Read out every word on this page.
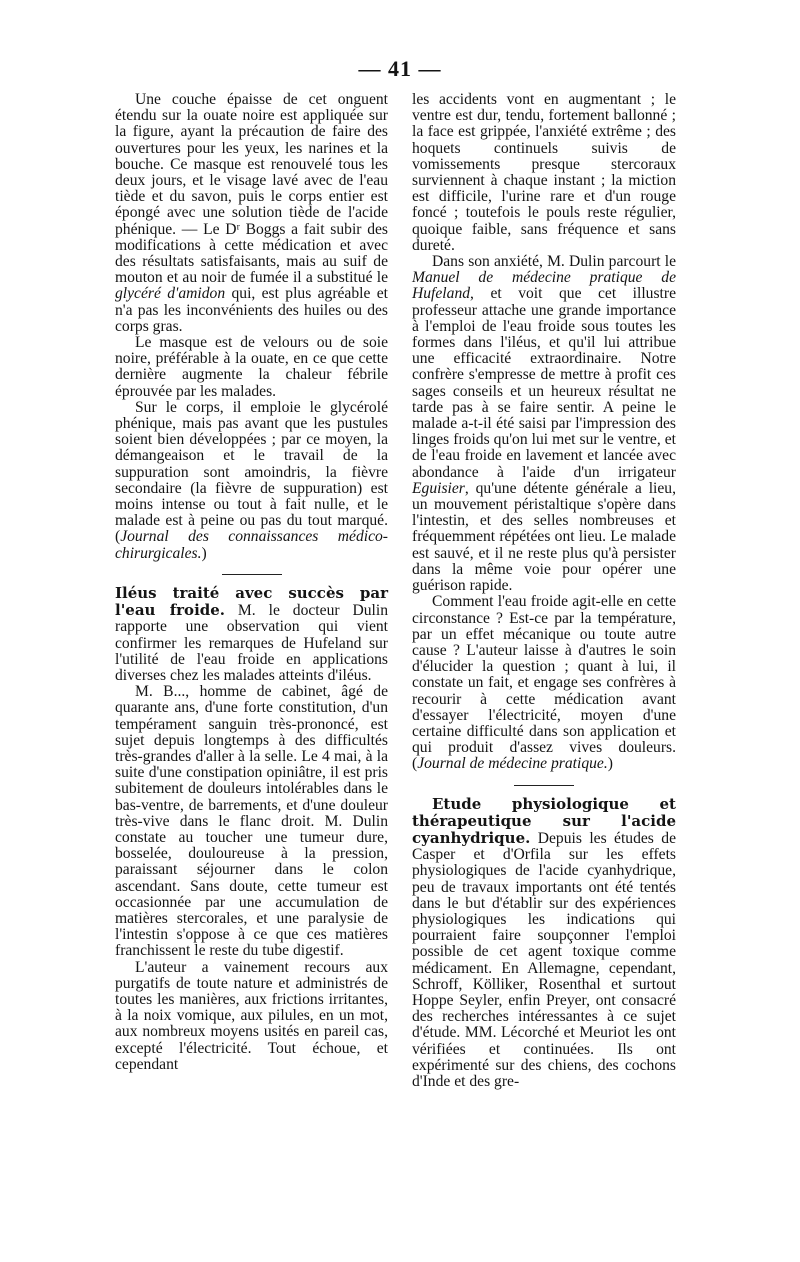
— 41 —

Une couche épaisse de cet onguent étendu sur la ouate noire est appliquée sur la figure, ayant la précaution de faire des ouvertures pour les yeux, les narines et la bouche. Ce masque est renouvelé tous les deux jours, et le visage lavé avec de l'eau tiède et du savon, puis le corps entier est épongé avec une solution tiède de l'acide phénique. — Le Dʳ Boggs a fait subir des modifications à cette médication et avec des résultats satisfaisants, mais au suif de mouton et au noir de fumée il a substitué le glycéré d'amidon qui, est plus agréable et n'a pas les inconvénients des huiles ou des corps gras.

Le masque est de velours ou de soie noire, préférable à la ouate, en ce que cette dernière augmente la chaleur fébrile éprouvée par les malades.

Sur le corps, il emploie le glycérolé phénique, mais pas avant que les pustules soient bien développées ; par ce moyen, la démangeaison et le travail de la suppuration sont amoindris, la fièvre secondaire (la fièvre de suppuration) est moins intense ou tout à fait nulle, et le malade est à peine ou pas du tout marqué. (Journal des connaissances médico-chirurgicales.)

Iléus traité avec succès par l'eau froide. M. le docteur Dulin rapporte une observation qui vient confirmer les remarques de Hufeland sur l'utilité de l'eau froide en applications diverses chez les malades atteints d'iléus.

M. B..., homme de cabinet, âgé de quarante ans, d'une forte constitution, d'un tempérament sanguin très-prononcé, est sujet depuis longtemps à des difficultés très-grandes d'aller à la selle. Le 4 mai, à la suite d'une constipation opiniâtre, il est pris subitement de douleurs intolérables dans le bas-ventre, de barrements, et d'une douleur très-vive dans le flanc droit. M. Dulin constate au toucher une tumeur dure, bosselée, douloureuse à la pression, paraissant séjourner dans le colon ascendant. Sans doute, cette tumeur est occasionnée par une accumulation de matières stercorales, et une paralysie de l'intestin s'oppose à ce que ces matières franchissent le reste du tube digestif.

L'auteur a vainement recours aux purgatifs de toute nature et administrés de toutes les manières, aux frictions irritantes, à la noix vomique, aux pilules, en un mot, aux nombreux moyens usités en pareil cas, excepté l'électricité. Tout échoue, et cependant

les accidents vont en augmentant ; le ventre est dur, tendu, fortement ballonné ; la face est grippée, l'anxiété extrême ; des hoquets continuels suivis de vomissements presque stercoraux surviennent à chaque instant ; la miction est difficile, l'urine rare et d'un rouge foncé ; toutefois le pouls reste régulier, quoique faible, sans fréquence et sans dureté.

Dans son anxiété, M. Dulin parcourt le Manuel de médecine pratique de Hufeland, et voit que cet illustre professeur attache une grande importance à l'emploi de l'eau froide sous toutes les formes dans l'iléus, et qu'il lui attribue une efficacité extraordinaire. Notre confrère s'empresse de mettre à profit ces sages conseils et un heureux résultat ne tarde pas à se faire sentir. A peine le malade a-t-il été saisi par l'impression des linges froids qu'on lui met sur le ventre, et de l'eau froide en lavement et lancée avec abondance à l'aide d'un irrigateur Eguisier, qu'une détente générale a lieu, un mouvement péristaltique s'opère dans l'intestin, et des selles nombreuses et fréquemment répétées ont lieu. Le malade est sauvé, et il ne reste plus qu'à persister dans la même voie pour opérer une guérison rapide.

Comment l'eau froide agit-elle en cette circonstance ? Est-ce par la température, par un effet mécanique ou toute autre cause ? L'auteur laisse à d'autres le soin d'élucider la question ; quant à lui, il constate un fait, et engage ses confrères à recourir à cette médication avant d'essayer l'électricité, moyen d'une certaine difficulté dans son application et qui produit d'assez vives douleurs. (Journal de médecine pratique.)

Etude physiologique et thérapeutique sur l'acide cyanhydrique. Depuis les études de Casper et d'Orfila sur les effets physiologiques de l'acide cyanhydrique, peu de travaux importants ont été tentés dans le but d'établir sur des expériences physiologiques les indications qui pourraient faire soupçonner l'emploi possible de cet agent toxique comme médicament. En Allemagne, cependant, Schroff, Kölliker, Rosenthal et surtout Hoppe Seyler, enfin Preyer, ont consacré des recherches intéressantes à ce sujet d'étude. MM. Lécorché et Meuriot les ont vérifiées et continuées. Ils ont expérimenté sur des chiens, des cochons d'Inde et des gre-
